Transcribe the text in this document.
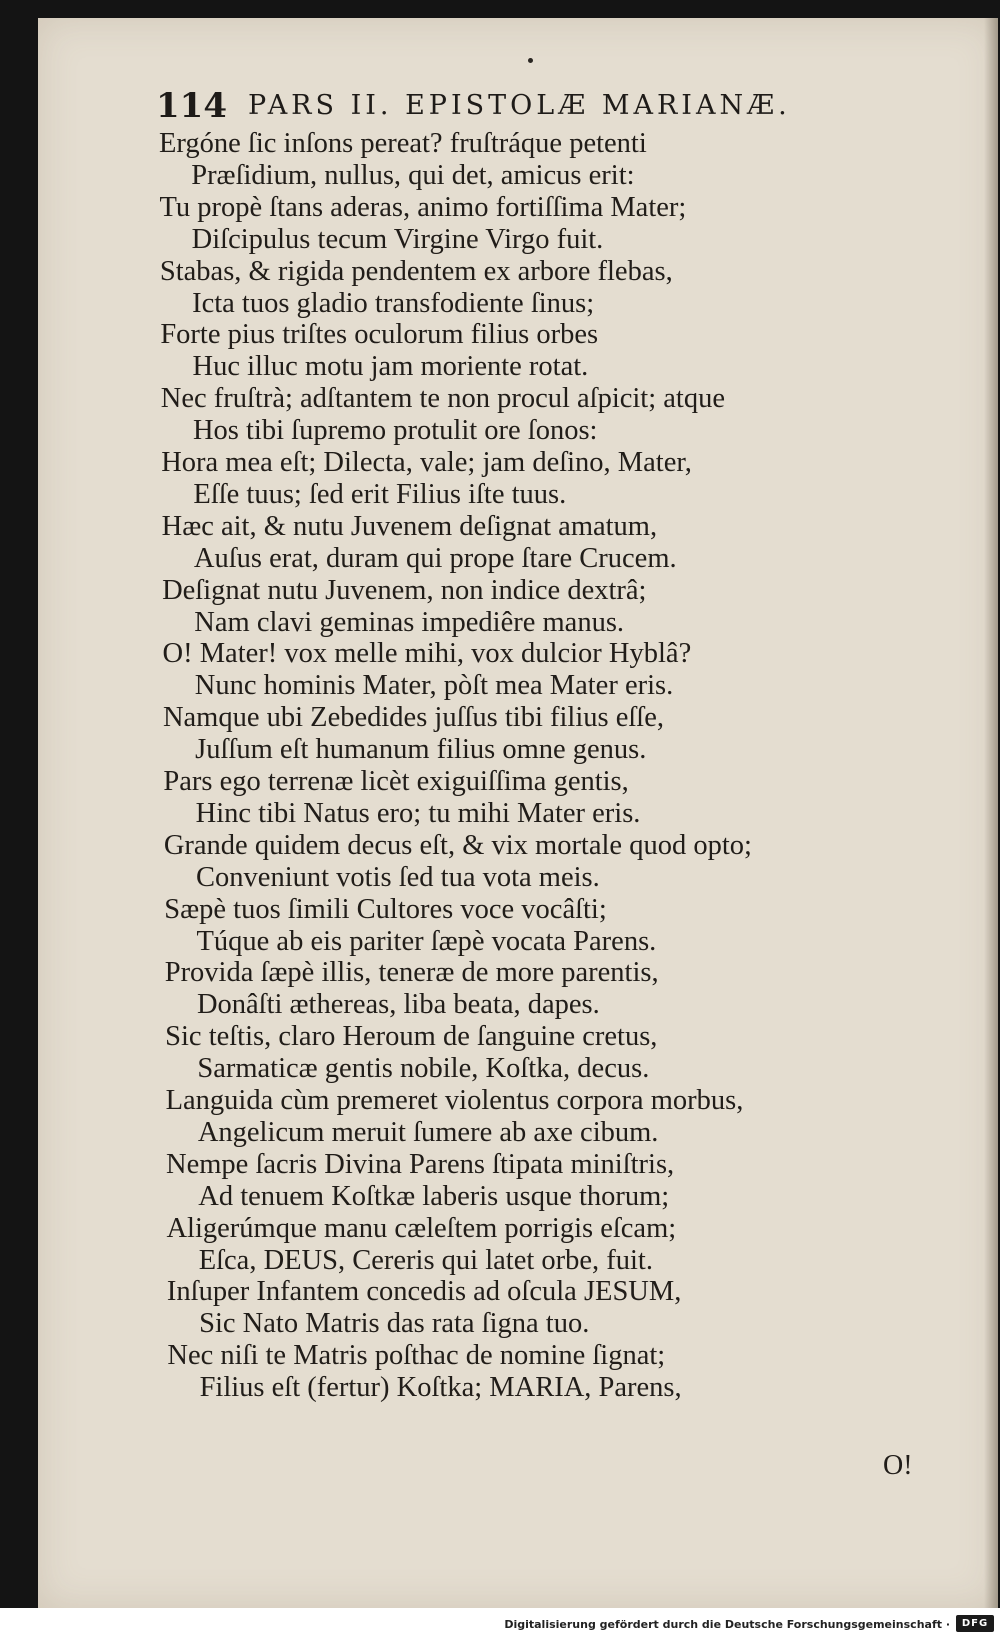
114 PARS II. EPISTOLÆ MARIANÆ.
Ergóne ſic inſons pereat? fruſtráque petenti
Præſidium, nullus, qui det, amicus erit:
Tu propè ſtans aderas, animo fortiſſima Mater;
Diſcipulus tecum Virgine Virgo fuit.
Stabas, & rigida pendentem ex arbore flebas,
Icta tuos gladio transfodiente ſinus;
Forte pius triſtes oculorum filius orbes
Huc illuc motu jam moriente rotat.
Nec fruſtrà; adſtantem te non procul aſpicit; atque
Hos tibi ſupremo protulit ore ſonos:
Hora mea eſt; Dilecta, vale; jam deſino, Mater,
Eſſe tuus; ſed erit Filius iſte tuus.
Hæc ait, & nutu Juvenem deſignat amatum,
Auſus erat, duram qui prope ſtare Crucem.
Deſignat nutu Juvenem, non indice dextrâ;
Nam clavi geminas impediêre manus.
O! Mater! vox melle mihi, vox dulcior Hyblâ?
Nunc hominis Mater, pòſt mea Mater eris.
Namque ubi Zebedides juſſus tibi filius eſſe,
Juſſum eſt humanum filius omne genus.
Pars ego terrenæ licèt exiguiſſima gentis,
Hinc tibi Natus ero; tu mihi Mater eris.
Grande quidem decus eſt, & vix mortale quod opto;
Conveniunt votis ſed tua vota meis.
Sæpè tuos ſimili Cultores voce vocâſti;
Túque ab eis pariter ſæpè vocata Parens.
Provida ſæpè illis, teneræ de more parentis,
Donâſti æthereas, liba beata, dapes.
Sic teſtis, claro Heroum de ſanguine cretus,
Sarmaticæ gentis nobile, Koſtka, decus.
Languida cùm premeret violentus corpora morbus,
Angelicum meruit ſumere ab axe cibum.
Nempe ſacris Divina Parens ſtipata miniſtris,
Ad tenuem Koſtkæ laberis usque thorum;
Aligerúmque manu cæleſtem porrigis eſcam;
Eſca, DEUS, Cereris qui latet orbe, fuit.
Inſuper Infantem concedis ad oſcula JESUM,
Sic Nato Matris das rata ſigna tuo.
Nec niſi te Matris poſthac de nomine ſignat;
Filius eſt (fertur) Koſtka; MARIA, Parens,
O!
Digitalisierung gefördert durch die Deutsche Forschungsgemeinschaft ·	DFG
